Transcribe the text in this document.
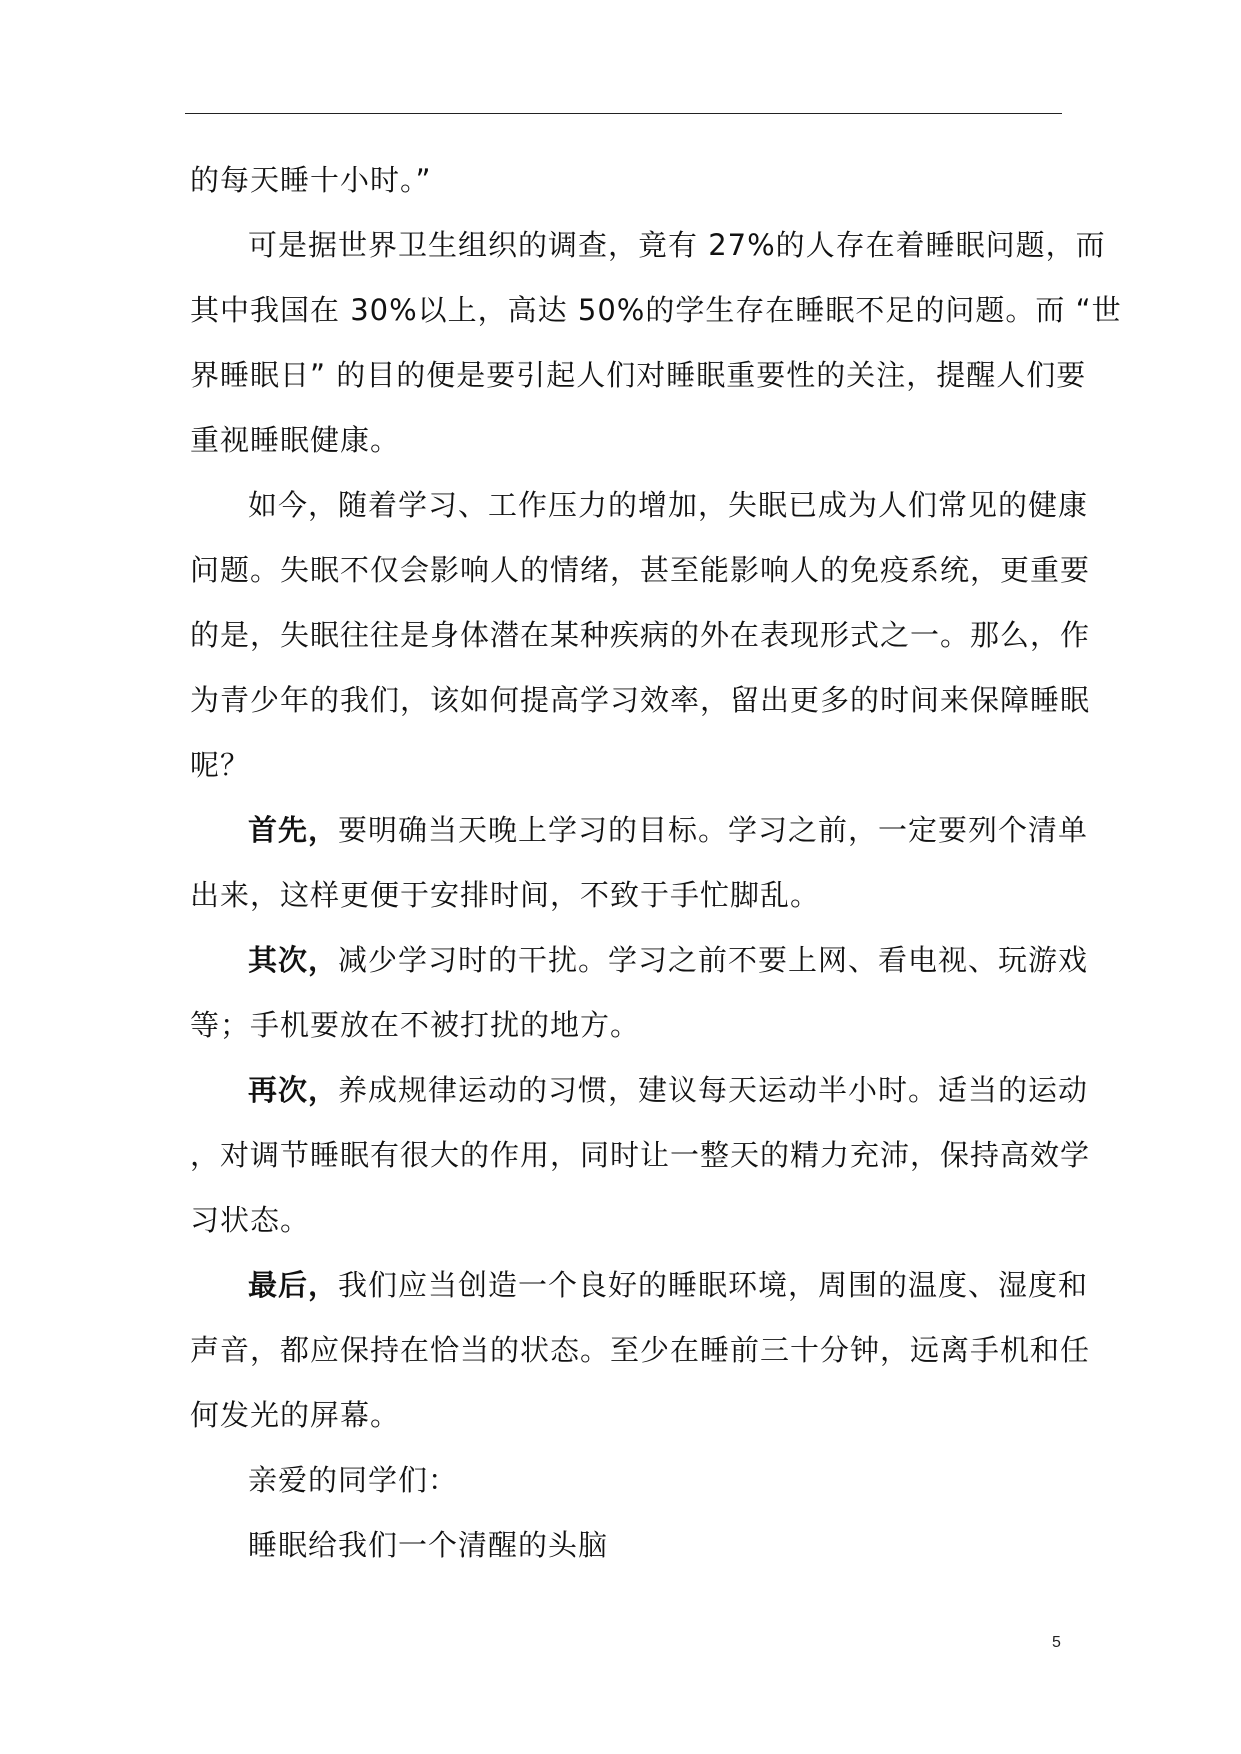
的每天睡十小时。”
可是据世界卫生组织的调查，竟有 27%的人存在着睡眠问题，而
其中我国在 30%以上，高达 50%的学生存在睡眠不足的问题。而 “世
界睡眠日” 的目的便是要引起人们对睡眠重要性的关注，提醒人们要
重视睡眠健康。
如今，随着学习、工作压力的增加，失眠已成为人们常见的健康
问题。失眠不仅会影响人的情绪，甚至能影响人的免疫系统，更重要
的是，失眠往往是身体潜在某种疾病的外在表现形式之一。那么，作
为青少年的我们，该如何提高学习效率，留出更多的时间来保障睡眠
呢？
首先，要明确当天晚上学习的目标。学习之前，一定要列个清单
出来，这样更便于安排时间，不致于手忙脚乱。
其次，减少学习时的干扰。学习之前不要上网、看电视、玩游戏
等；手机要放在不被打扰的地方。
再次，养成规律运动的习惯，建议每天运动半小时。适当的运动
，对调节睡眠有很大的作用，同时让一整天的精力充沛，保持高效学
习状态。
最后，我们应当创造一个良好的睡眠环境，周围的温度、湿度和
声音，都应保持在恰当的状态。至少在睡前三十分钟，远离手机和任
何发光的屏幕。
亲爱的同学们：
睡眠给我们一个清醒的头脑
5
